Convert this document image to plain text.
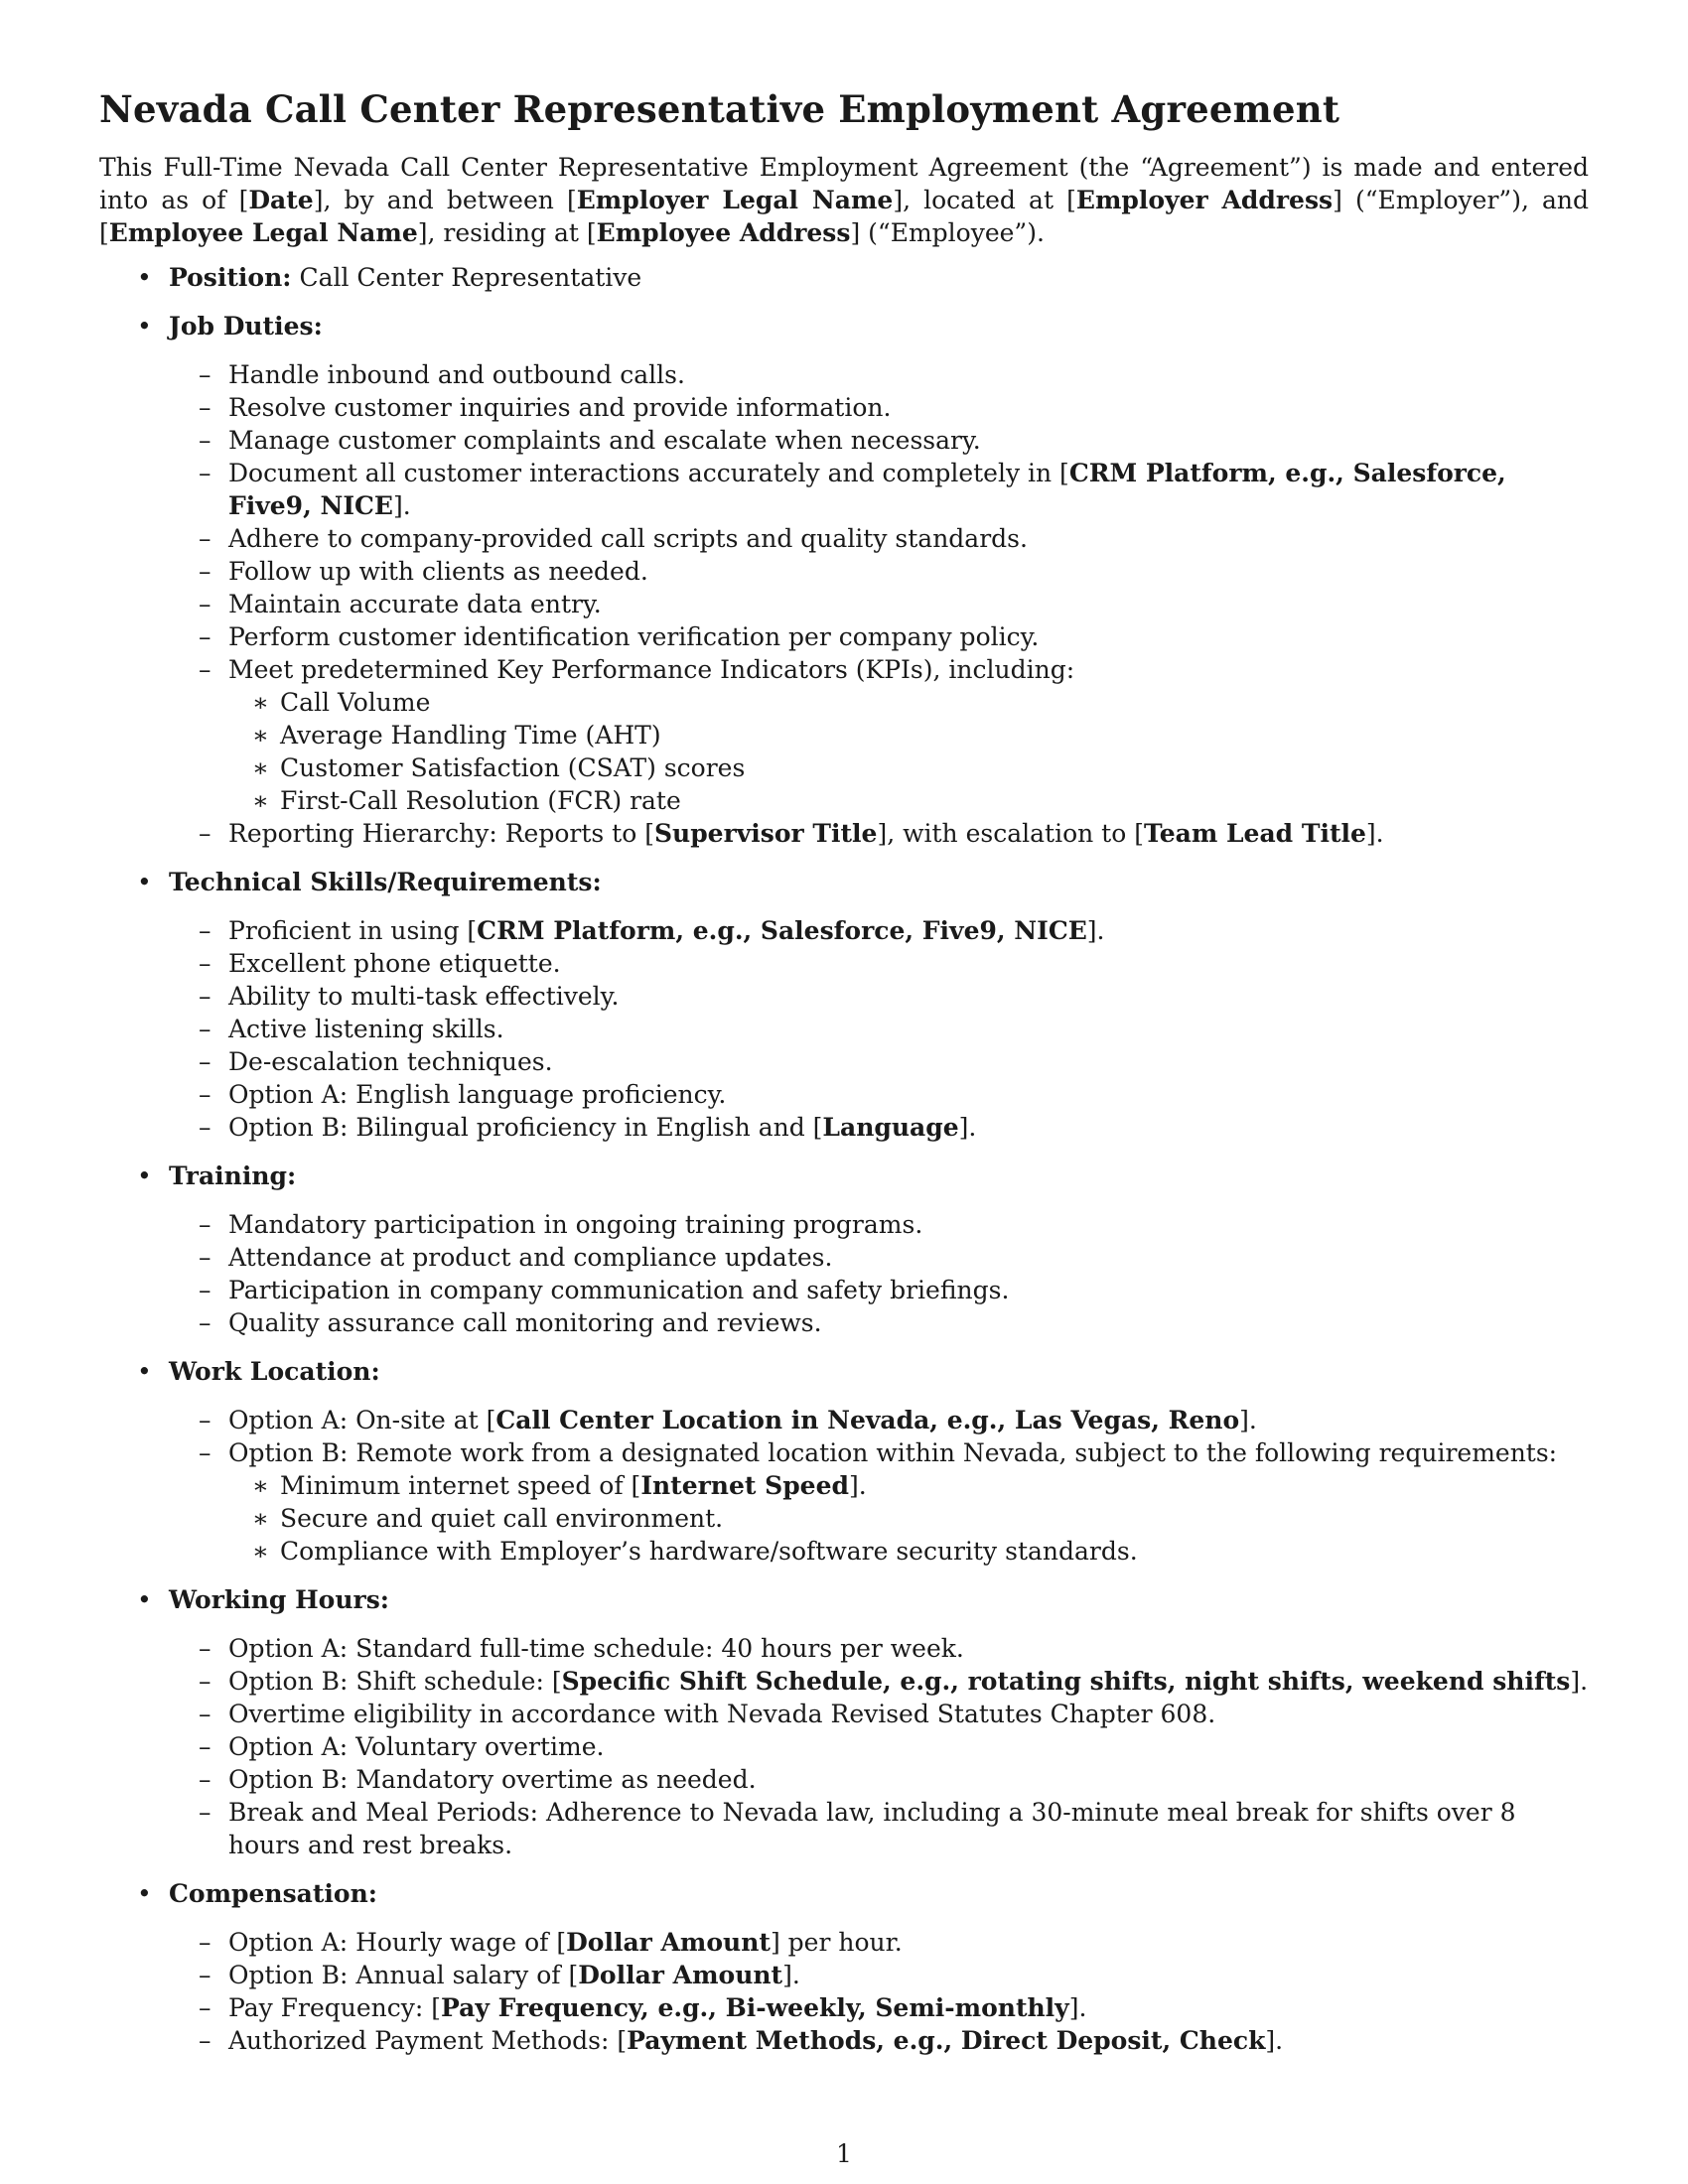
Nevada Call Center Representative Employment Agreement

This Full-Time Nevada Call Center Representative Employment Agreement (the “Agreement”) is made and entered into as of [Date], by and between [Employer Legal Name], located at [Employer Address] (“Employer”), and [Employee Legal Name], residing at [Employee Address] (“Employee”).

• Position: Call Center Representative
• Job Duties:
– Handle inbound and outbound calls.
– Resolve customer inquiries and provide information.
– Manage customer complaints and escalate when necessary.
– Document all customer interactions accurately and completely in [CRM Platform, e.g., Salesforce, Five9, NICE].
– Adhere to company-provided call scripts and quality standards.
– Follow up with clients as needed.
– Maintain accurate data entry.
– Perform customer identification verification per company policy.
– Meet predetermined Key Performance Indicators (KPIs), including:
∗ Call Volume
∗ Average Handling Time (AHT)
∗ Customer Satisfaction (CSAT) scores
∗ First-Call Resolution (FCR) rate
– Reporting Hierarchy: Reports to [Supervisor Title], with escalation to [Team Lead Title].
• Technical Skills/Requirements:
– Proficient in using [CRM Platform, e.g., Salesforce, Five9, NICE].
– Excellent phone etiquette.
– Ability to multi-task effectively.
– Active listening skills.
– De-escalation techniques.
– Option A: English language proficiency.
– Option B: Bilingual proficiency in English and [Language].
• Training:
– Mandatory participation in ongoing training programs.
– Attendance at product and compliance updates.
– Participation in company communication and safety briefings.
– Quality assurance call monitoring and reviews.
• Work Location:
– Option A: On-site at [Call Center Location in Nevada, e.g., Las Vegas, Reno].
– Option B: Remote work from a designated location within Nevada, subject to the following requirements:
∗ Minimum internet speed of [Internet Speed].
∗ Secure and quiet call environment.
∗ Compliance with Employer’s hardware/software security standards.
• Working Hours:
– Option A: Standard full-time schedule: 40 hours per week.
– Option B: Shift schedule: [Specific Shift Schedule, e.g., rotating shifts, night shifts, weekend shifts].
– Overtime eligibility in accordance with Nevada Revised Statutes Chapter 608.
– Option A: Voluntary overtime.
– Option B: Mandatory overtime as needed.
– Break and Meal Periods: Adherence to Nevada law, including a 30-minute meal break for shifts over 8 hours and rest breaks.
• Compensation:
– Option A: Hourly wage of [Dollar Amount] per hour.
– Option B: Annual salary of [Dollar Amount].
– Pay Frequency: [Pay Frequency, e.g., Bi-weekly, Semi-monthly].
– Authorized Payment Methods: [Payment Methods, e.g., Direct Deposit, Check].
1
